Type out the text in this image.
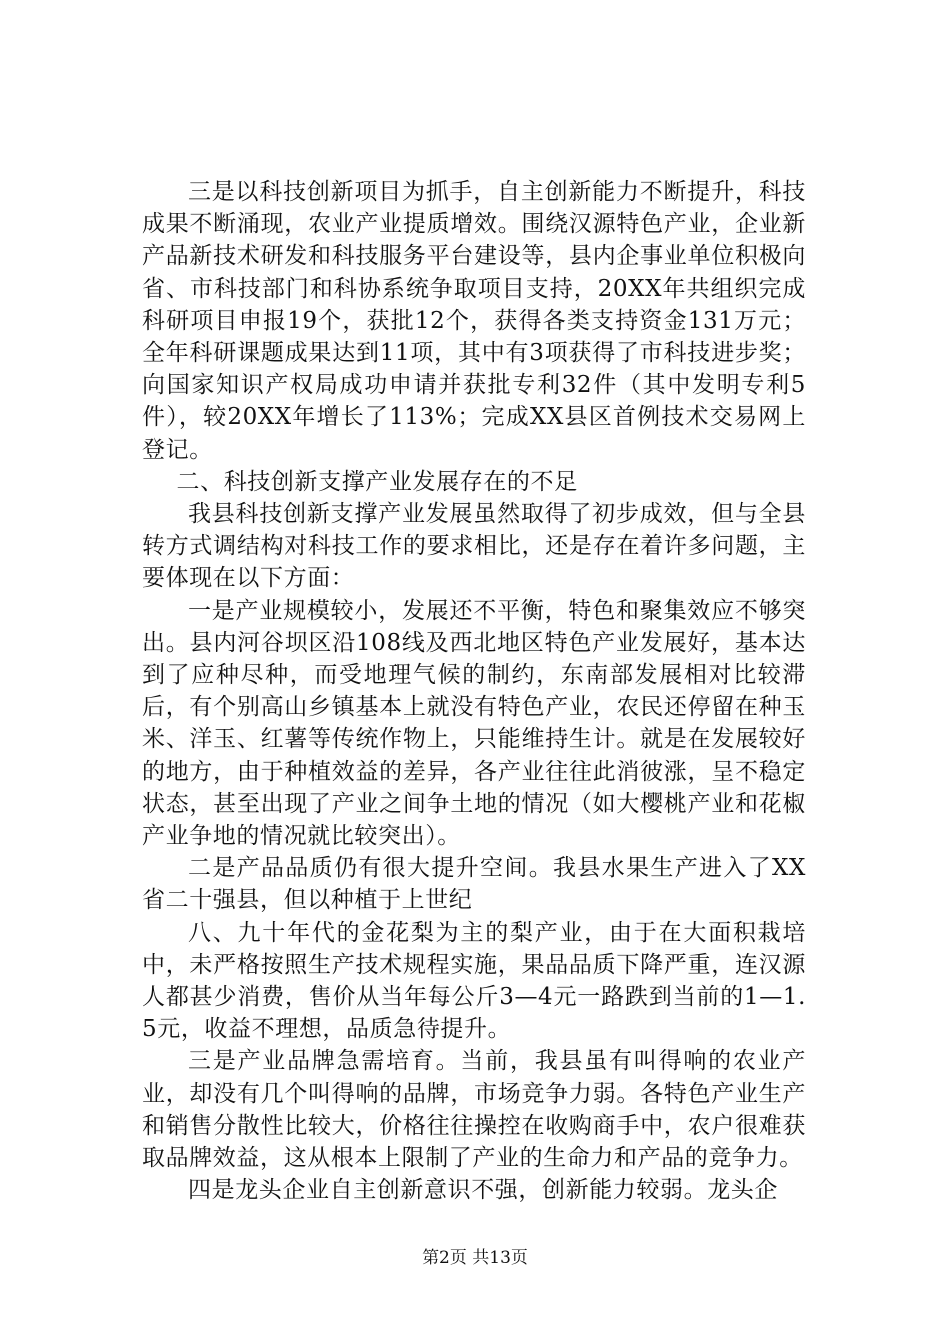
三是以科技创新项目为抓手，自主创新能力不断提升，科技成果不断涌现，农业产业提质增效。围绕汉源特色产业，企业新产品新技术研发和科技服务平台建设等，县内企事业单位积极向省、市科技部门和科协系统争取项目支持，20XX年共组织完成科研项目申报19个，获批12个，获得各类支持资金131万元；全年科研课题成果达到11项，其中有3项获得了市科技进步奖；向国家知识产权局成功申请并获批专利32件（其中发明专利5件），较20XX年增长了113%；完成XX县区首例技术交易网上登记。

二、科技创新支撑产业发展存在的不足

我县科技创新支撑产业发展虽然取得了初步成效，但与全县转方式调结构对科技工作的要求相比，还是存在着许多问题，主要体现在以下方面：

一是产业规模较小，发展还不平衡，特色和聚集效应不够突出。县内河谷坝区沿108线及西北地区特色产业发展好，基本达到了应种尽种，而受地理气候的制约，东南部发展相对比较滞后，有个别高山乡镇基本上就没有特色产业，农民还停留在种玉米、洋玉、红薯等传统作物上，只能维持生计。就是在发展较好的地方，由于种植效益的差异，各产业往往此消彼涨，呈不稳定状态，甚至出现了产业之间争土地的情况（如大樱桃产业和花椒产业争地的情况就比较突出）。

二是产品品质仍有很大提升空间。我县水果生产进入了XX省二十强县，但以种植于上世纪

八、九十年代的金花梨为主的梨产业，由于在大面积栽培中，未严格按照生产技术规程实施，果品品质下降严重，连汉源人都甚少消费，售价从当年每公斤3—4元一路跌到当前的1—1.5元，收益不理想，品质急待提升。

三是产业品牌急需培育。当前，我县虽有叫得响的农业产业，却没有几个叫得响的品牌，市场竞争力弱。各特色产业生产和销售分散性比较大，价格往往操控在收购商手中，农户很难获取品牌效益，这从根本上限制了产业的生命力和产品的竞争力。

四是龙头企业自主创新意识不强，创新能力较弱。龙头企

第2页 共13页
